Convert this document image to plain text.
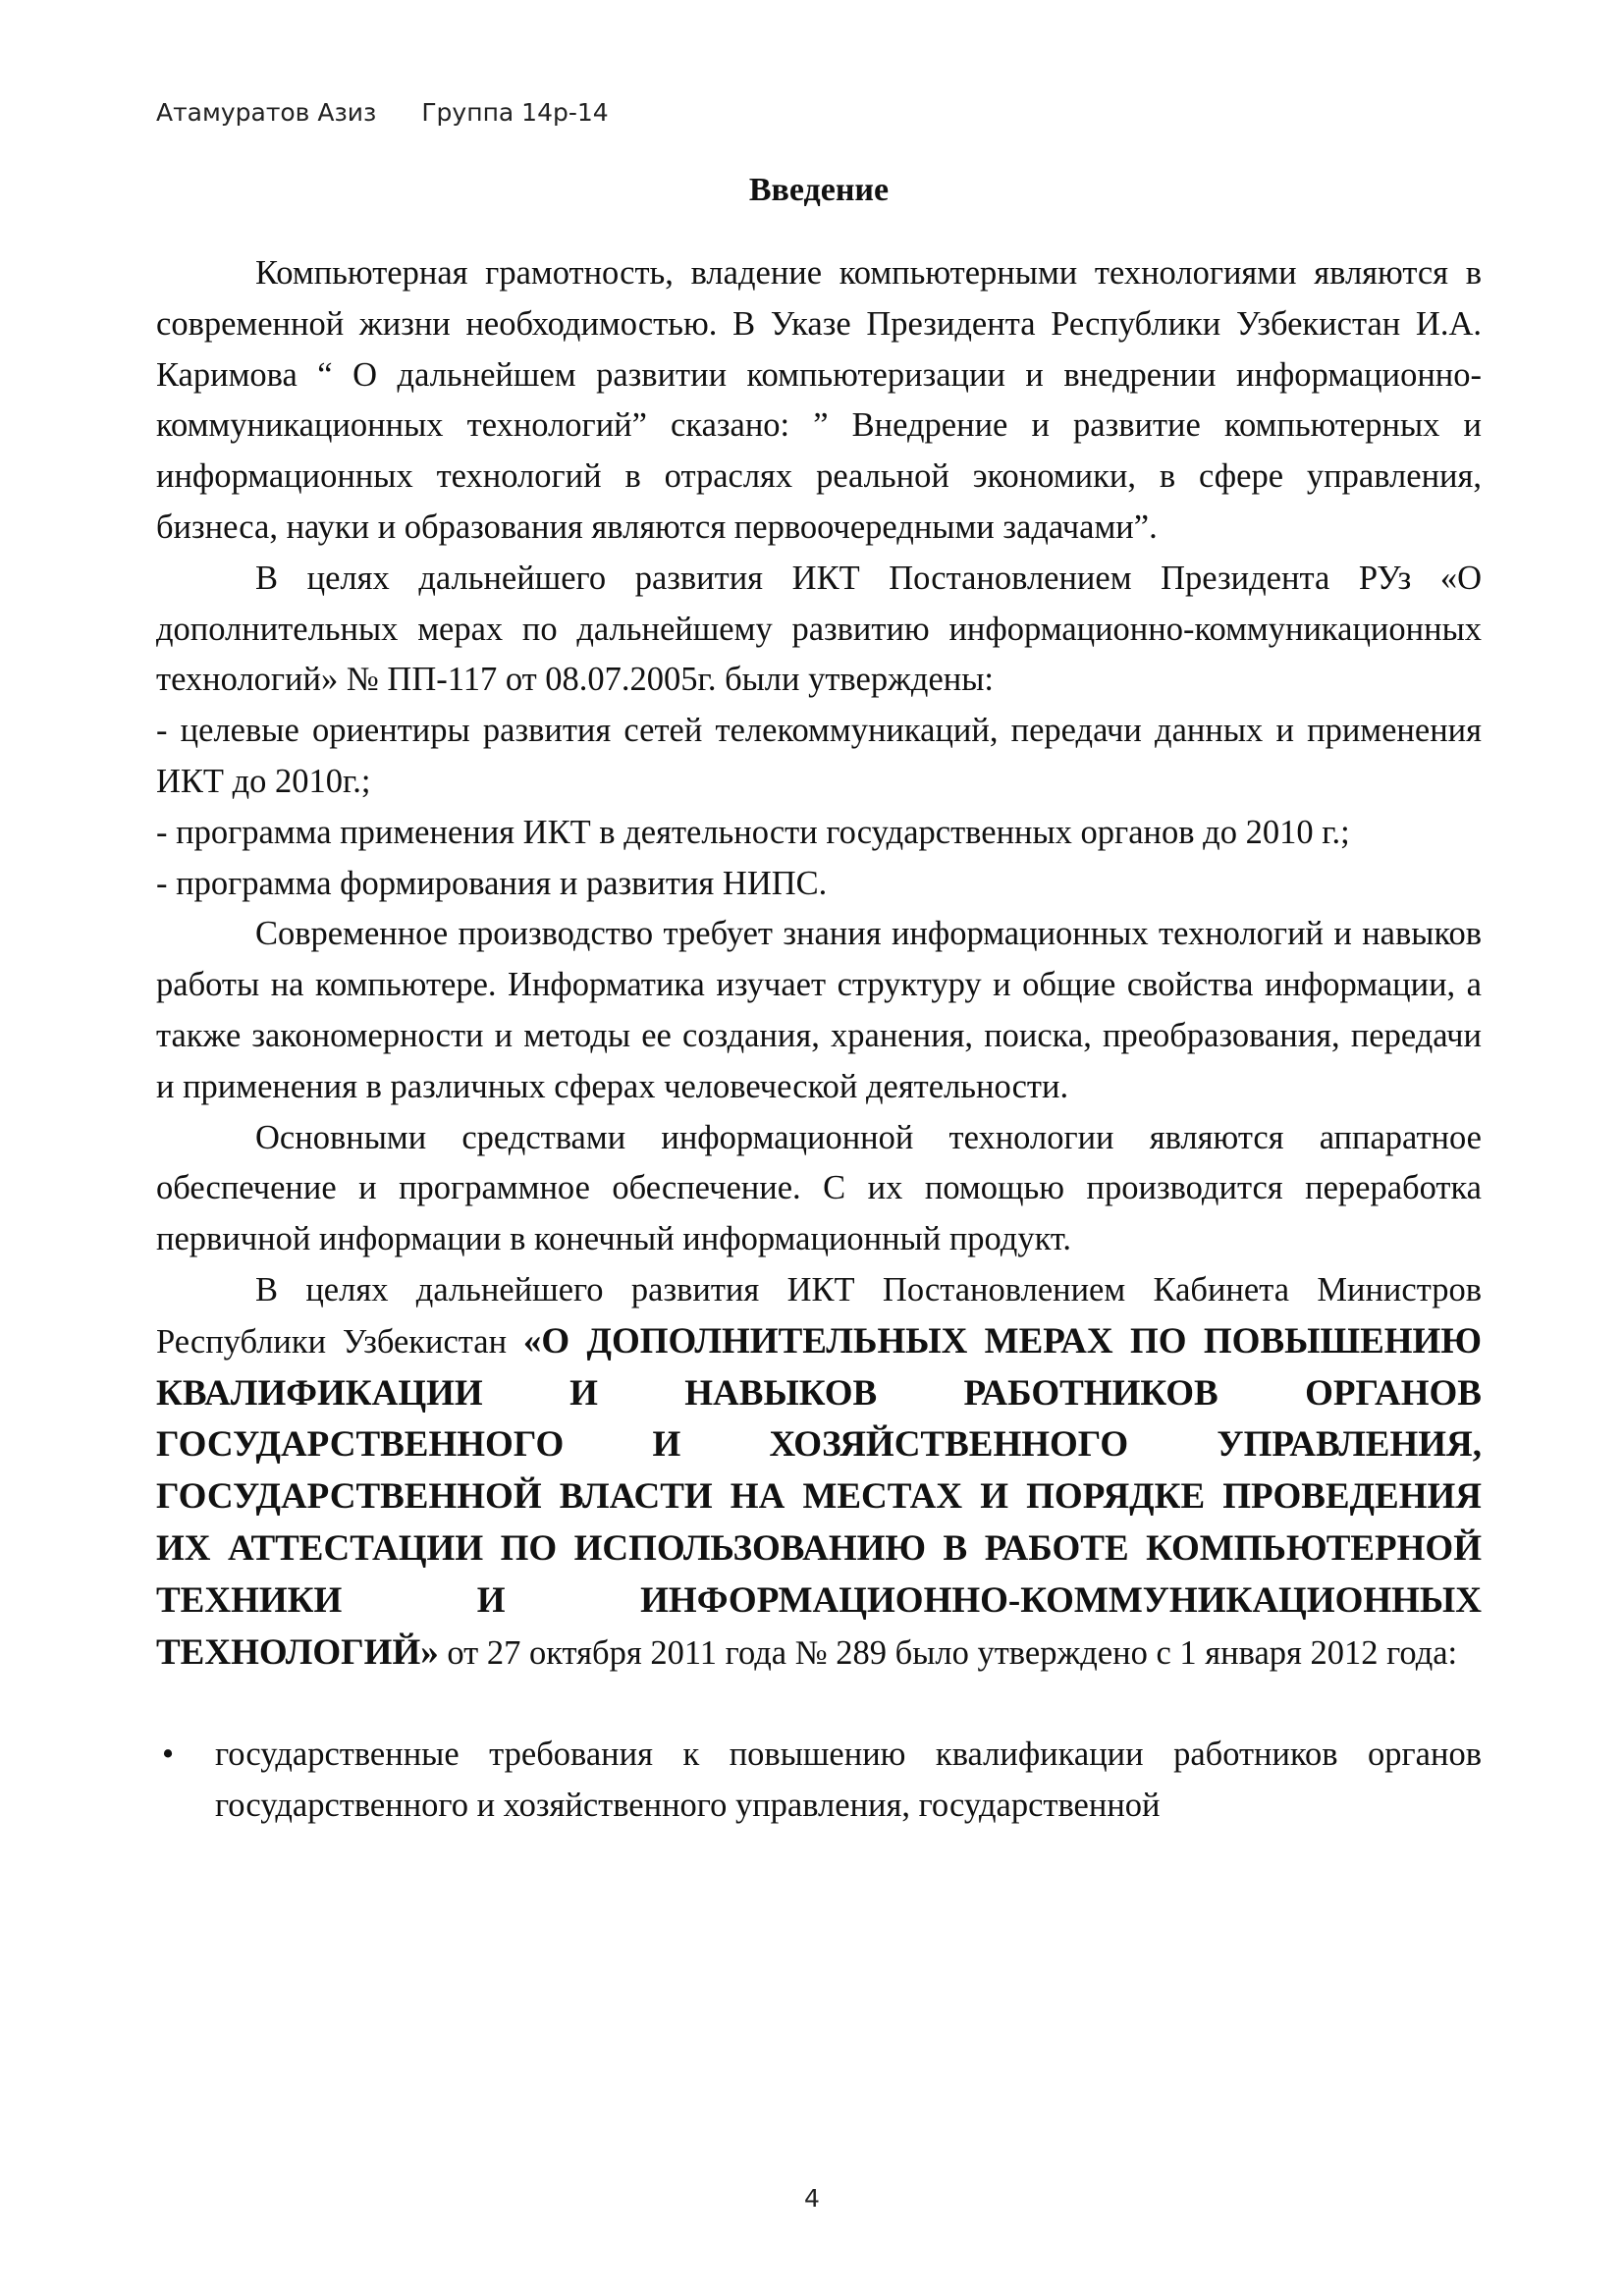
Атамуратов Азиз Группа 14р-14
Введение

Компьютерная грамотность, владение компьютерными технологиями являются в современной жизни необходимостью. В Указе Президента Республики Узбекистан И.А. Каримова “ О дальнейшем развитии компьютеризации и внедрении информационно-коммуникационных технологий” сказано: ” Внедрение и развитие компьютерных и информационных технологий в отраслях реальной экономики, в сфере управления, бизнеса, науки и образования являются первоочередными задачами”.

В целях дальнейшего развития ИКТ Постановлением Президента РУз «О дополнительных мерах по дальнейшему развитию информационно-коммуникационных технологий» № ПП-117 от 08.07.2005г. были утверждены:

- целевые ориентиры развития сетей телекоммуникаций, передачи данных и применения ИКТ до 2010г.;

- программа применения ИКТ в деятельности государственных органов до 2010 г.;

- программа формирования и развития НИПС.

Современное производство требует знания информационных технологий и навыков работы на компьютере. Информатика изучает структуру и общие свойства информации, а также закономерности и методы ее создания, хранения, поиска, преобразования, передачи и применения в различных сферах человеческой деятельности.

Основными средствами информационной технологии являются аппаратное обеспечение и программное обеспечение. С их помощью производится переработка первичной информации в конечный информационный продукт.

В целях дальнейшего развития ИКТ Постановлением Кабинета Министров Республики Узбекистан «О ДОПОЛНИТЕЛЬНЫХ МЕРАХ ПО ПОВЫШЕНИЮ КВАЛИФИКАЦИИ И НАВЫКОВ РАБОТНИКОВ ОРГАНОВ ГОСУДАРСТВЕННОГО И ХОЗЯЙСТВЕННОГО УПРАВЛЕНИЯ, ГОСУДАРСТВЕННОЙ ВЛАСТИ НА МЕСТАХ И ПОРЯДКЕ ПРОВЕДЕНИЯ ИХ АТТЕСТАЦИИ ПО ИСПОЛЬЗОВАНИЮ В РАБОТЕ КОМПЬЮТЕРНОЙ ТЕХНИКИ И ИНФОРМАЦИОННО-КОММУНИКАЦИОННЫХ ТЕХНОЛОГИЙ» от 27 октября 2011 года № 289 было утверждено с 1 января 2012 года:

• государственные требования к повышению квалификации работников органов государственного и хозяйственного управления, государственной
4
